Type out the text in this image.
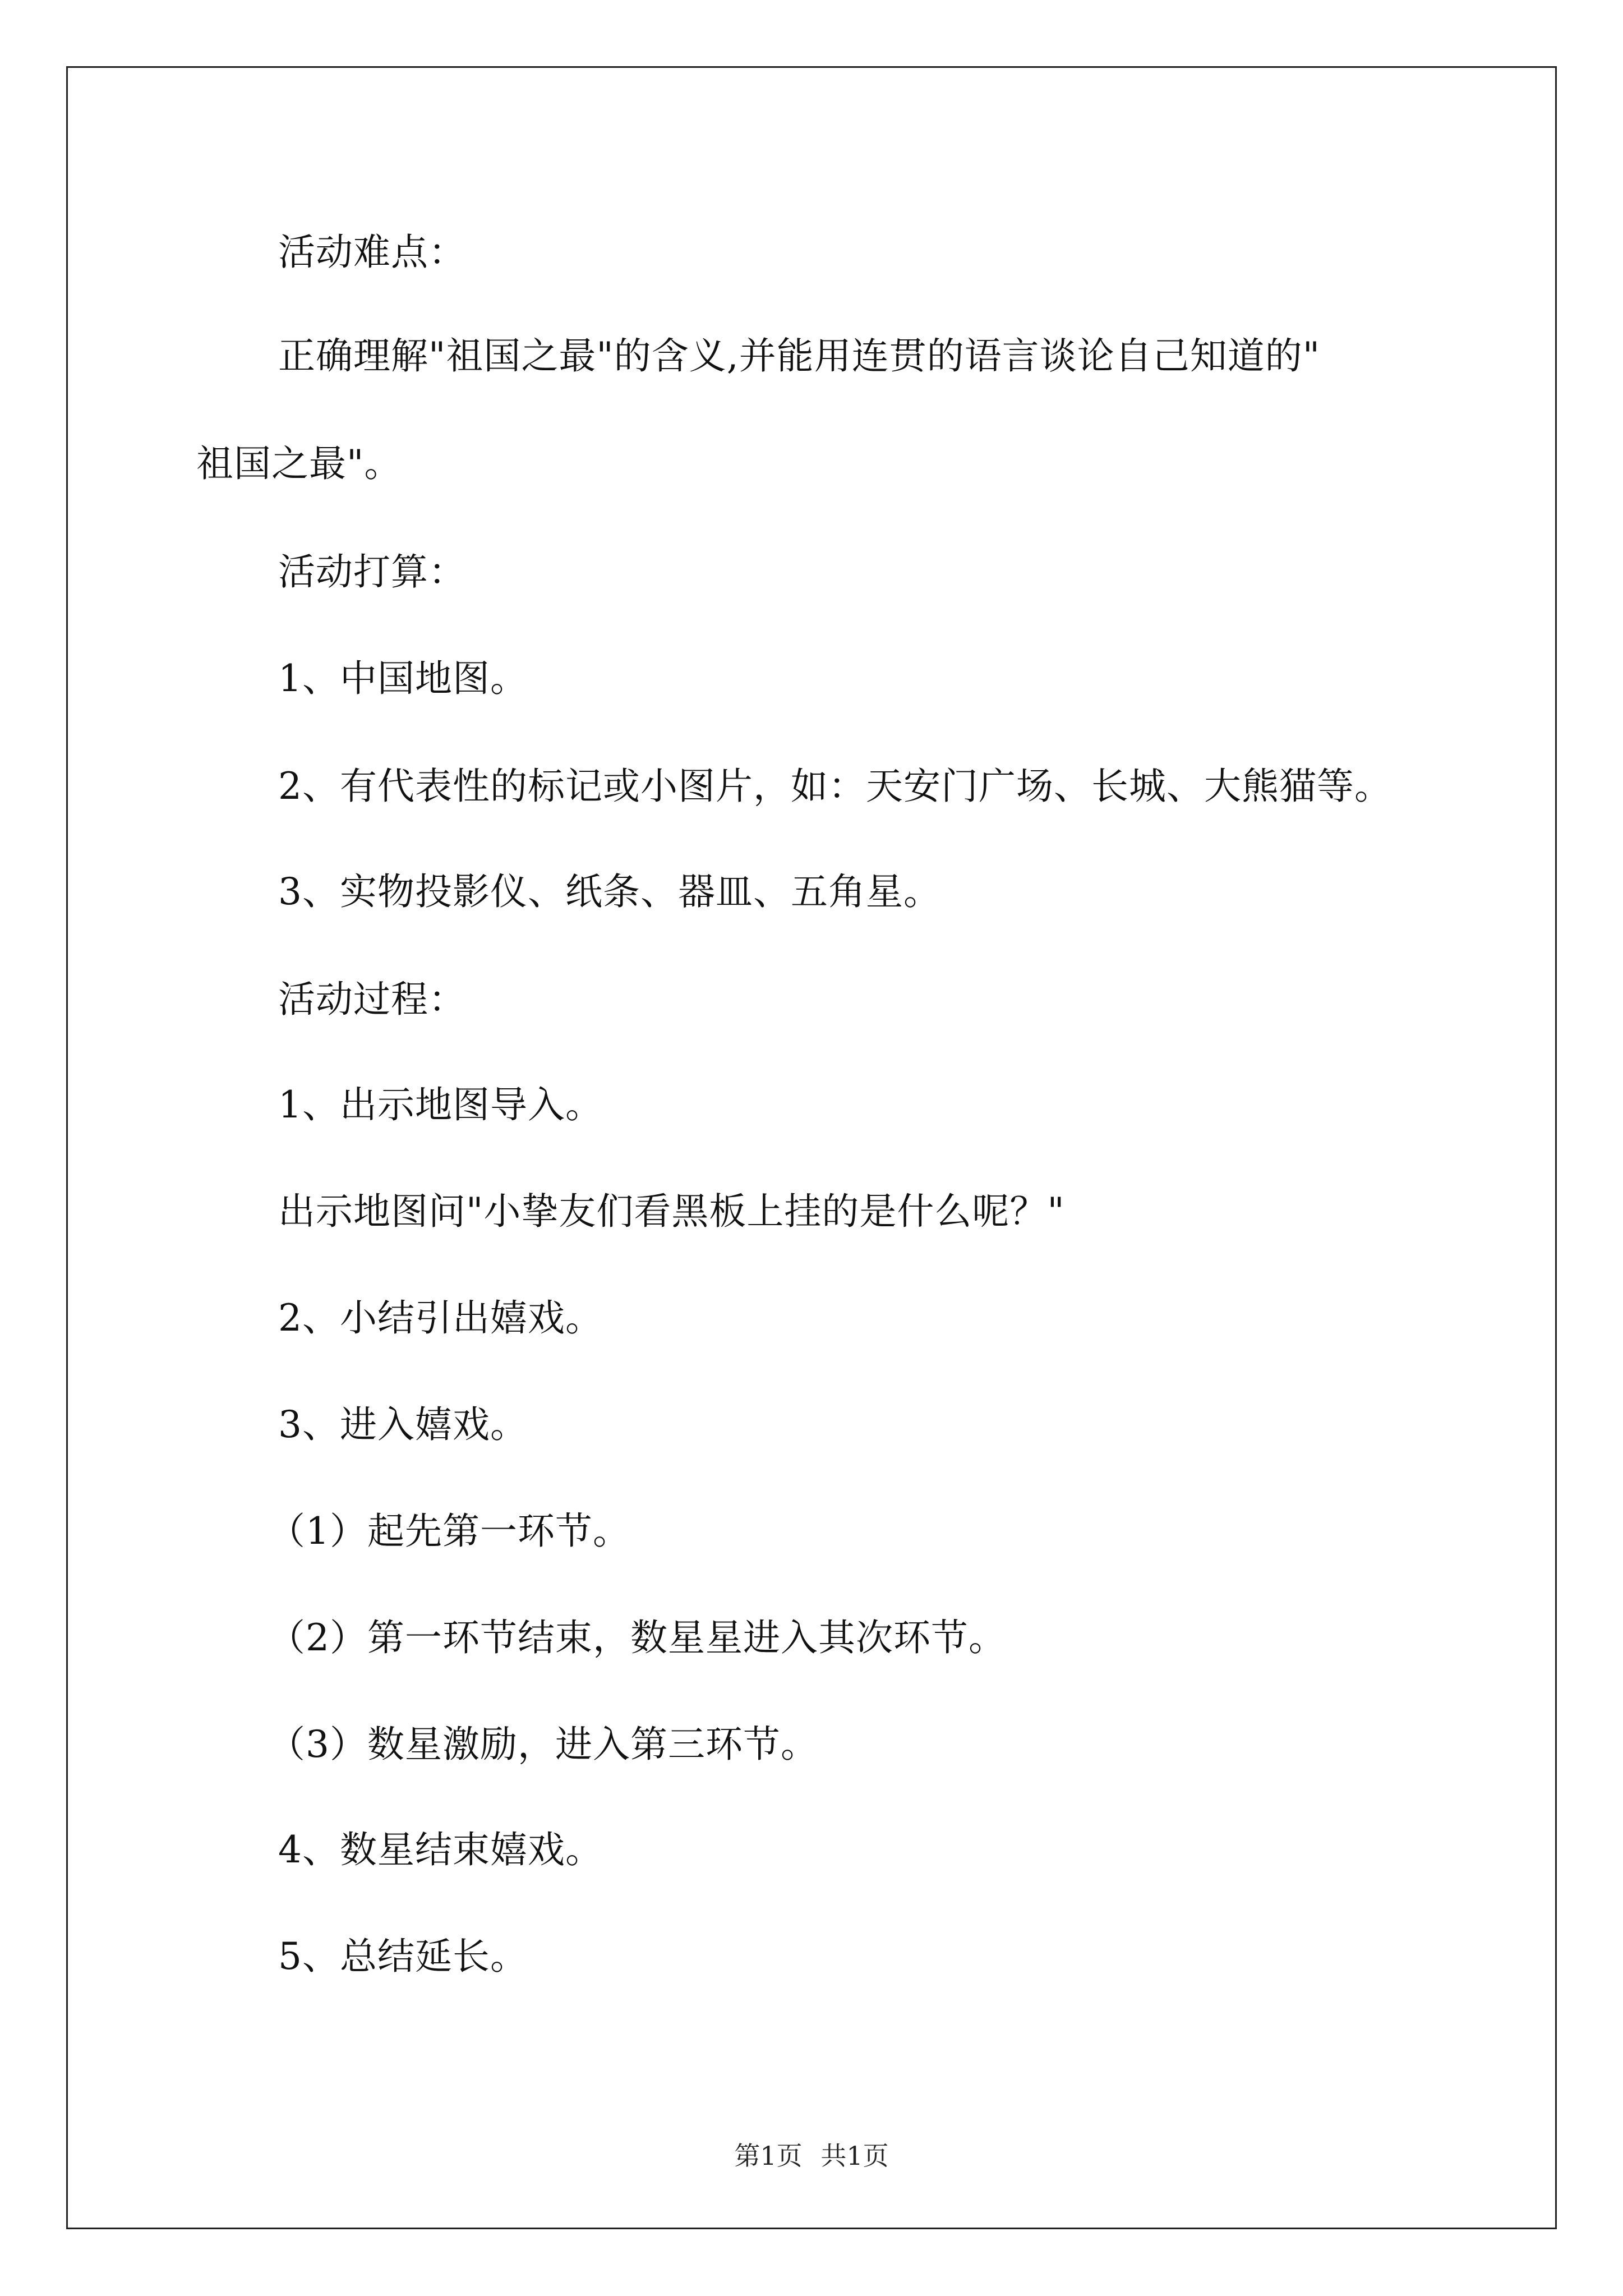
活动难点：
正确理解"祖国之最"的含义,并能用连贯的语言谈论自己知道的"
祖国之最"。
活动打算：
1、中国地图。
2、有代表性的标记或小图片，如：天安门广场、长城、大熊猫等。
3、实物投影仪、纸条、器皿、五角星。
活动过程：
1、出示地图导入。
出示地图问"小挚友们看黑板上挂的是什么呢？"
2、小结引出嬉戏。
3、进入嬉戏。
（1）起先第一环节。
（2）第一环节结束，数星星进入其次环节。
（3）数星激励，进入第三环节。
4、数星结束嬉戏。
5、总结延长。
第1页 共1页
